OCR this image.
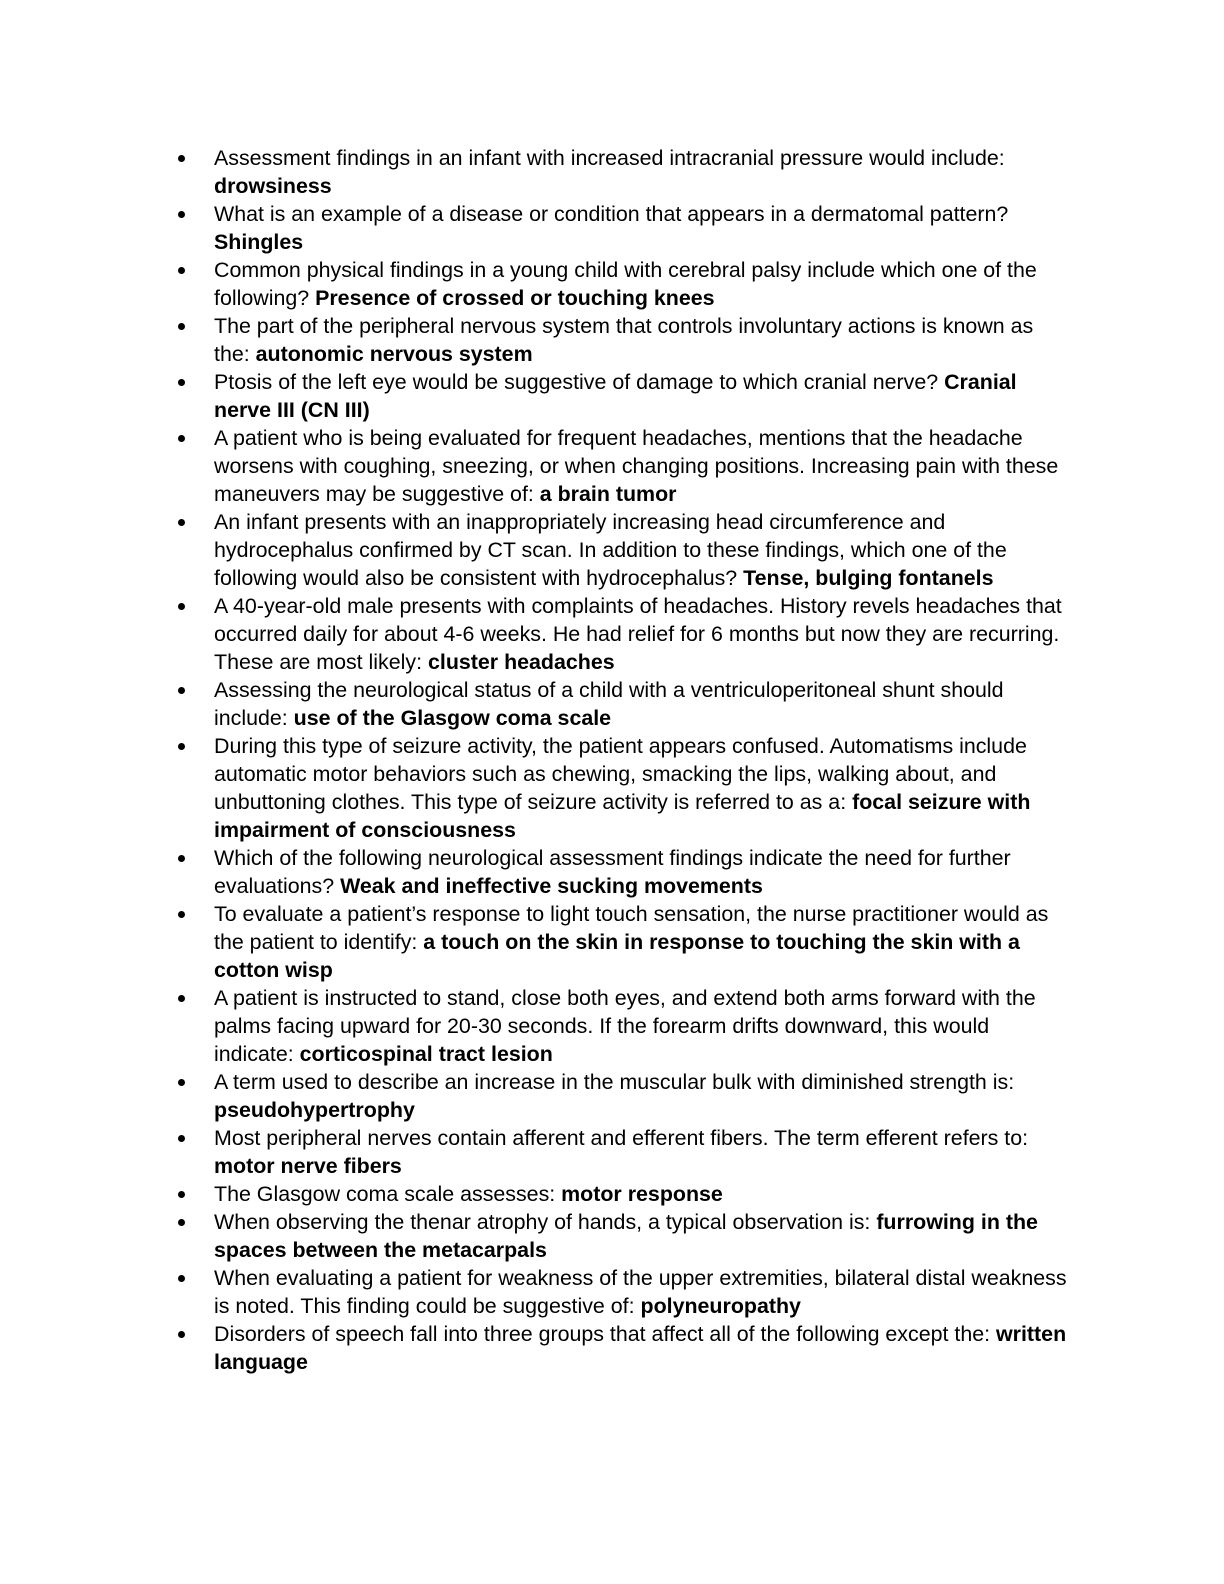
Assessment findings in an infant with increased intracranial pressure would include: drowsiness
What is an example of a disease or condition that appears in a dermatomal pattern? Shingles
Common physical findings in a young child with cerebral palsy include which one of the following? Presence of crossed or touching knees
The part of the peripheral nervous system that controls involuntary actions is known as the: autonomic nervous system
Ptosis of the left eye would be suggestive of damage to which cranial nerve? Cranial nerve III (CN III)
A patient who is being evaluated for frequent headaches, mentions that the headache worsens with coughing, sneezing, or when changing positions. Increasing pain with these maneuvers may be suggestive of: a brain tumor
An infant presents with an inappropriately increasing head circumference and hydrocephalus confirmed by CT scan. In addition to these findings, which one of the following would also be consistent with hydrocephalus? Tense, bulging fontanels
A 40-year-old male presents with complaints of headaches. History revels headaches that occurred daily for about 4-6 weeks. He had relief for 6 months but now they are recurring. These are most likely: cluster headaches
Assessing the neurological status of a child with a ventriculoperitoneal shunt should include: use of the Glasgow coma scale
During this type of seizure activity, the patient appears confused. Automatisms include automatic motor behaviors such as chewing, smacking the lips, walking about, and unbuttoning clothes. This type of seizure activity is referred to as a: focal seizure with impairment of consciousness
Which of the following neurological assessment findings indicate the need for further evaluations? Weak and ineffective sucking movements
To evaluate a patient’s response to light touch sensation, the nurse practitioner would as the patient to identify: a touch on the skin in response to touching the skin with a cotton wisp
A patient is instructed to stand, close both eyes, and extend both arms forward with the palms facing upward for 20-30 seconds. If the forearm drifts downward, this would indicate: corticospinal tract lesion
A term used to describe an increase in the muscular bulk with diminished strength is: pseudohypertrophy
Most peripheral nerves contain afferent and efferent fibers. The term efferent refers to: motor nerve fibers
The Glasgow coma scale assesses: motor response
When observing the thenar atrophy of hands, a typical observation is: furrowing in the spaces between the metacarpals
When evaluating a patient for weakness of the upper extremities, bilateral distal weakness is noted. This finding could be suggestive of: polyneuropathy
Disorders of speech fall into three groups that affect all of the following except the: written language
